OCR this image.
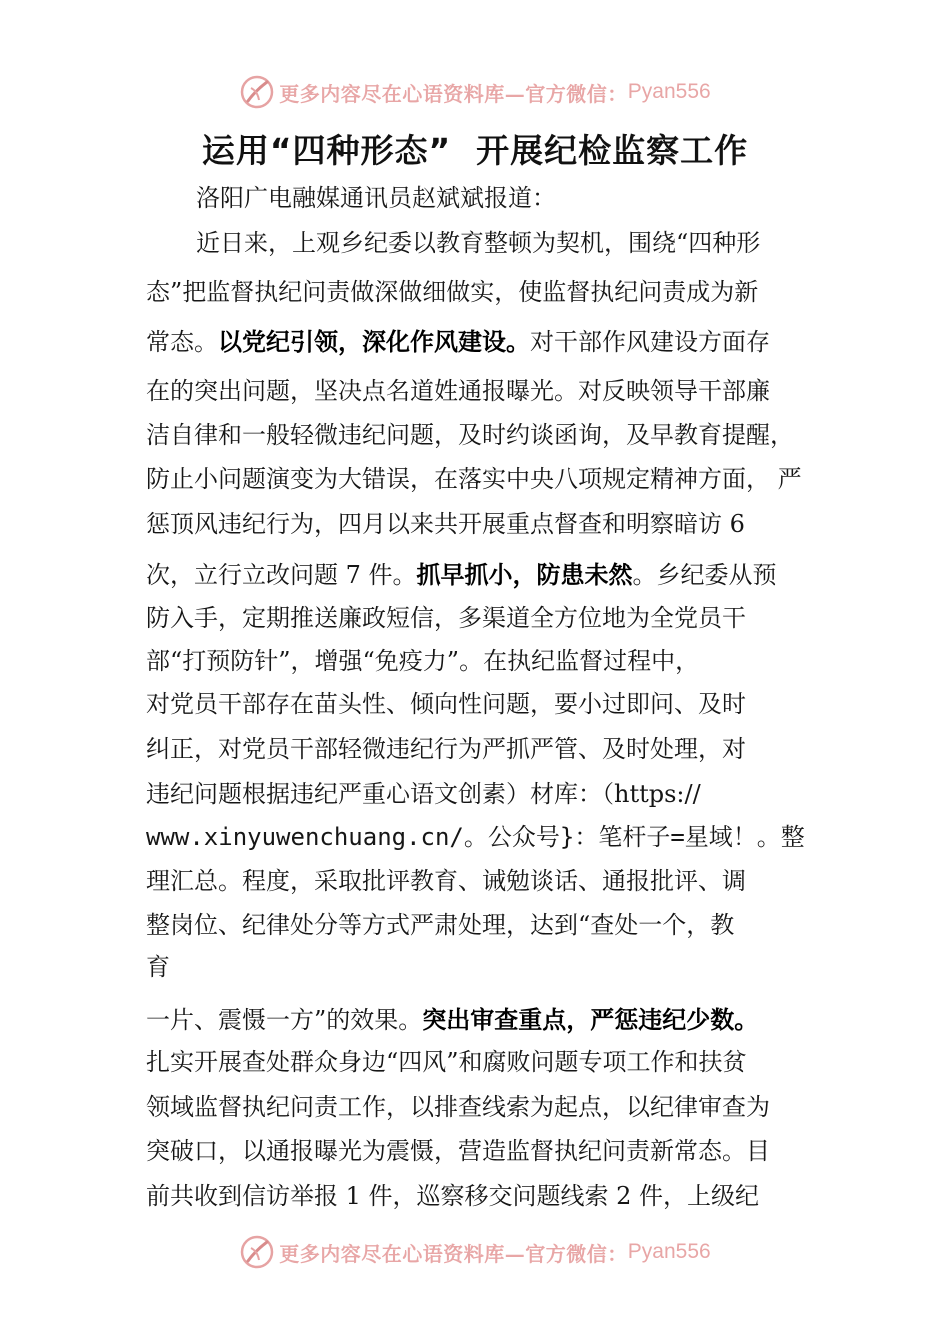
更多内容尽在心语资料库—官方微信： Pyan556
运用“四种形态”  开展纪检监察工作

洛阳广电融媒通讯员赵斌斌报道：

近日来，上观乡纪委以教育整顿为契机，围绕“四种形

态”把监督执纪问责做深做细做实，使监督执纪问责成为新

常态。以党纪引领，深化作风建设。对干部作风建设方面存

在的突出问题，坚决点名道姓通报曝光。对反映领导干部廉

洁自律和一般轻微违纪问题，及时约谈函询，及早教育提醒，

防止小问题演变为大错误，在落实中央八项规定精神方面， 严

惩顶风违纪行为，四月以来共开展重点督查和明察暗访 6

次，立行立改问题 7 件。抓早抓小，防患未然。乡纪委从预

防入手，定期推送廉政短信，多渠道全方位地为全党员干

部“打预防针”，增强“免疫力”。在执纪监督过程中，

对党员干部存在苗头性、倾向性问题，要小过即问、及时

纠正，对党员干部轻微违纪行为严抓严管、及时处理，对

违纪问题根据违纪严重心语文创素）材库：（https://

www.xinyuwenchuang.cn/。公众号}：笔杆子=星域！。整

理汇总。程度，采取批评教育、诫勉谈话、通报批评、调

整岗位、纪律处分等方式严肃处理，达到“查处一个，教

育

一片、震慑一方”的效果。突出审查重点，严惩违纪少数。

扎实开展查处群众身边“四风”和腐败问题专项工作和扶贫

领域监督执纪问责工作，以排查线索为起点，以纪律审查为

突破口，以通报曝光为震慑，营造监督执纪问责新常态。目

前共收到信访举报 1 件，巡察移交问题线索 2 件，上级纪

更多内容尽在心语资料库—官方微信： Pyan556
